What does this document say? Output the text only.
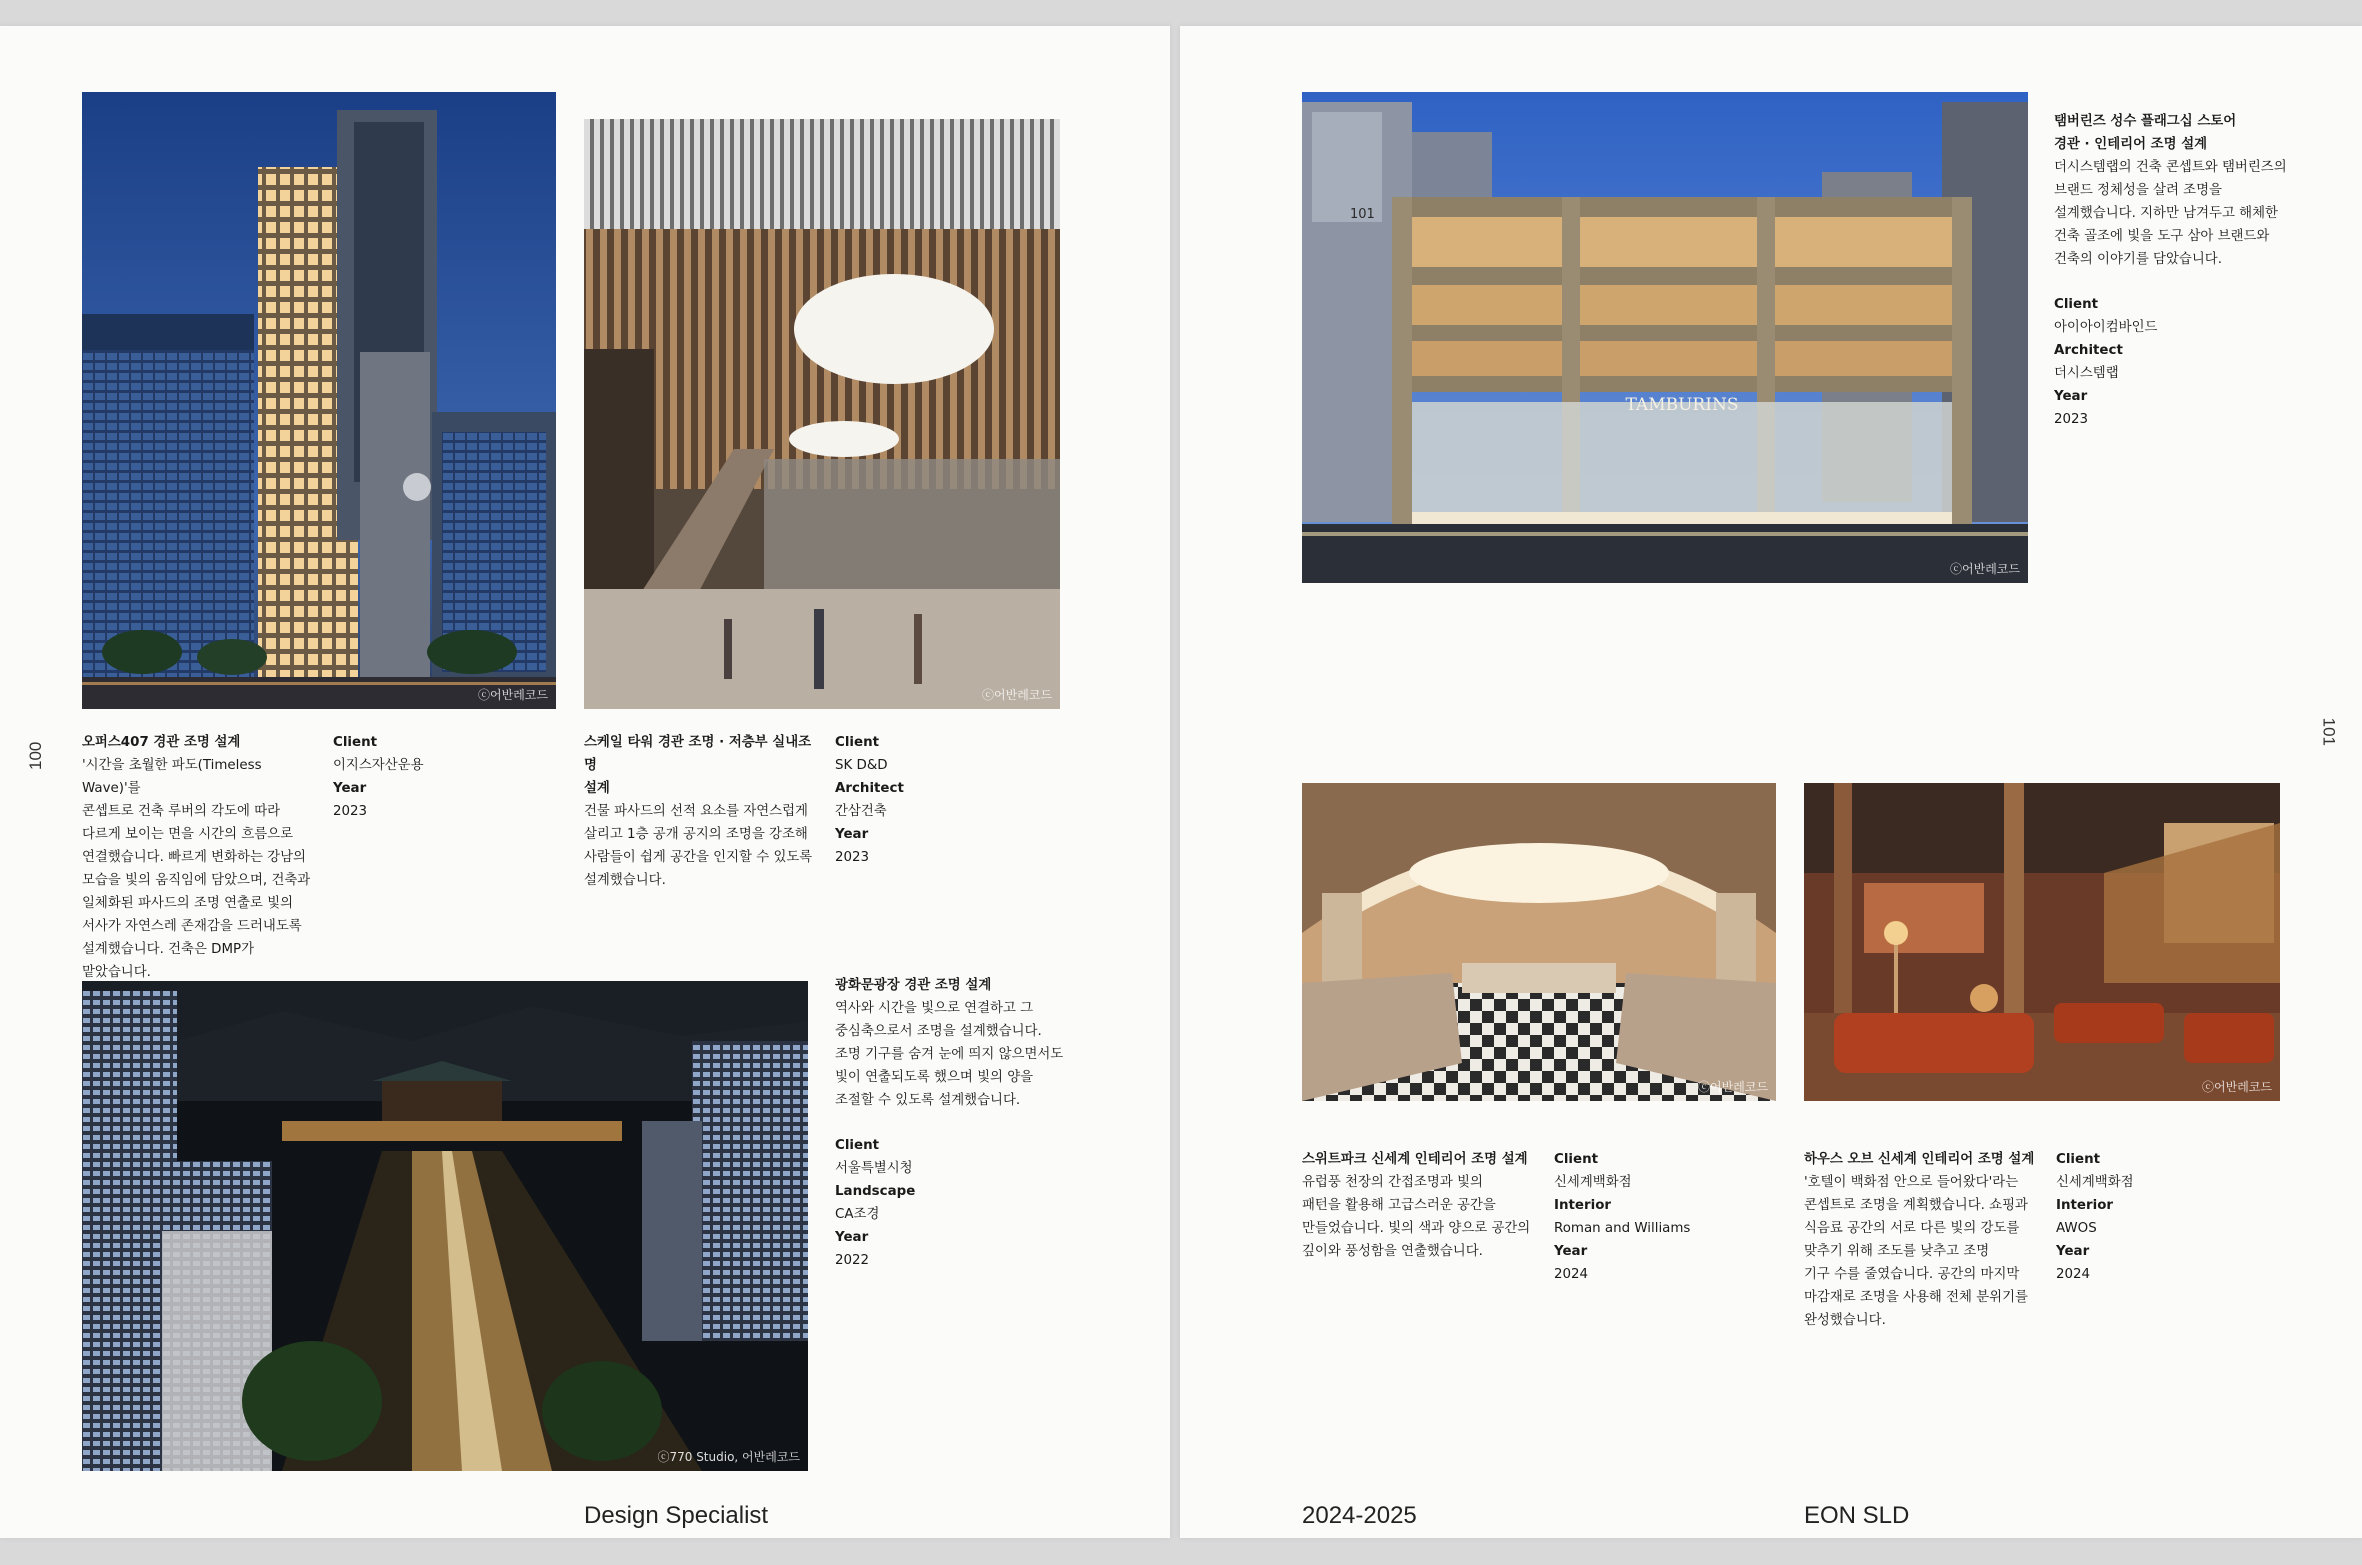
100
ⓒ어반레코드	ⓒ어반레코드
오퍼스407 경관 조명 설계
'시간을 초월한 파도(Timeless Wave)'를
콘셉트로 건축 루버의 각도에 따라
다르게 보이는 면을 시간의 흐름으로
연결했습니다. 빠르게 변화하는 강남의
모습을 빛의 움직임에 담았으며, 건축과
일체화된 파사드의 조명 연출로 빛의
서사가 자연스레 존재감을 드러내도록
설계했습니다. 건축은 DMP가
맡았습니다.
Client
이지스자산운용
Year
2023
스케일 타워 경관 조명 · 저층부 실내조명
설계
건물 파사드의 선적 요소를 자연스럽게
살리고 1층 공개 공지의 조명을 강조해
사람들이 쉽게 공간을 인지할 수 있도록
설계했습니다.
Client
SK D&D
Architect
간삼건축
Year
2023
ⓒ770 Studio, 어반레코드
광화문광장 경관 조명 설계
역사와 시간을 빛으로 연결하고 그
중심축으로서 조명을 설계했습니다.
조명 기구를 숨겨 눈에 띄지 않으면서도
빛이 연출되도록 했으며 빛의 양을
조절할 수 있도록 설계했습니다.
Client
서울특별시청
Landscape
CA조경
Year
2022
Design Specialist
101
TAMBURINS
101
ⓒ어반레코드
탬버린즈 성수 플래그십 스토어
경관 · 인테리어 조명 설계
더시스템랩의 건축 콘셉트와 탬버린즈의
브랜드 정체성을 살려 조명을
설계했습니다. 지하만 남겨두고 해체한
건축 골조에 빛을 도구 삼아 브랜드와
건축의 이야기를 담았습니다.
Client
아이아이컴바인드
Architect
더시스템랩
Year
2023
ⓒ어반레코드	ⓒ어반레코드
스위트파크 신세계 인테리어 조명 설계
유럽풍 천장의 간접조명과 빛의
패턴을 활용해 고급스러운 공간을
만들었습니다. 빛의 색과 양으로 공간의
깊이와 풍성함을 연출했습니다.
Client
신세계백화점
Interior
Roman and Williams
Year
2024
하우스 오브 신세계 인테리어 조명 설계
'호텔이 백화점 안으로 들어왔다'라는
콘셉트로 조명을 계획했습니다. 쇼핑과
식음료 공간의 서로 다른 빛의 강도를
맞추기 위해 조도를 낮추고 조명
기구 수를 줄였습니다. 공간의 마지막
마감재로 조명을 사용해 전체 분위기를
완성했습니다.
Client
신세계백화점
Interior
AWOS
Year
2024
2024-2025	EON SLD
